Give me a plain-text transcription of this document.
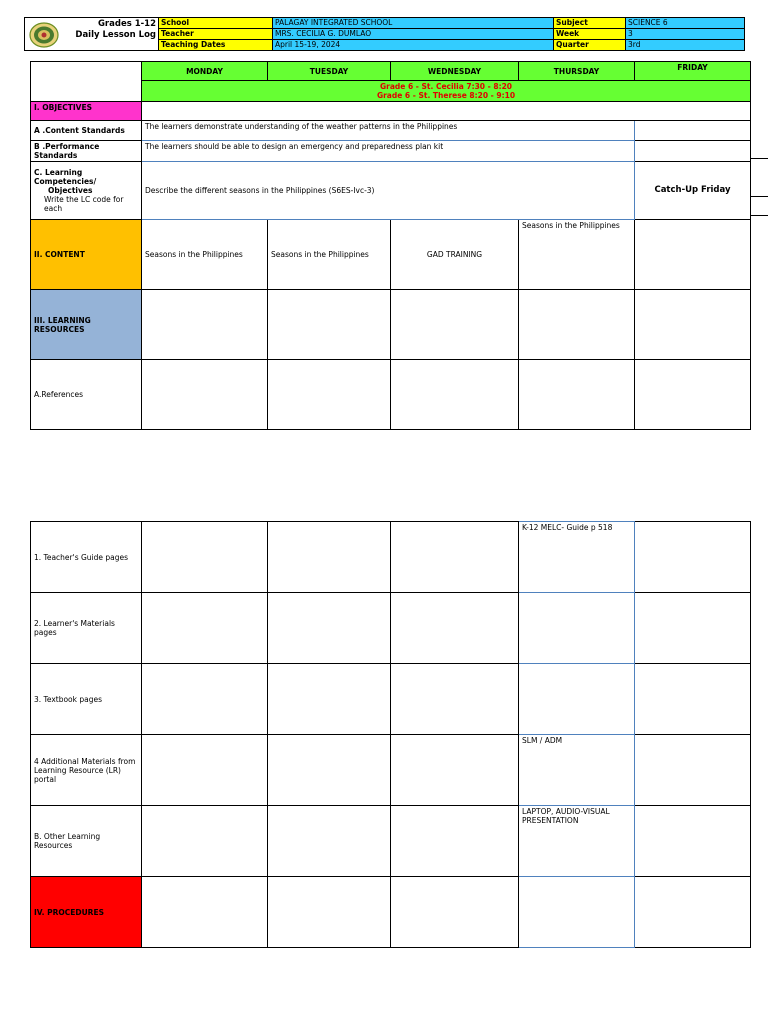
Grades 1-12
Daily Lesson Log
School	PALAGAY INTEGRATED SCHOOL	Subject	SCIENCE 6
Teacher	MRS. CECILIA G. DUMLAO	Week	3
Teaching Dates	April 15-19, 2024	Quarter	3rd
	MONDAY	TUESDAY	WEDNESDAY	THURSDAY	FRIDAY

	Grade 6 - St. Cecilia 7:30 - 8:20
Grade 6 - St. Therese 8:20 - 9:10				

I. OBJECTIVES					
A .Content Standards	The learners demonstrate understanding of the weather patterns in the Philippines				
B .Performance Standards	The learners should be able to design an emergency and preparedness plan kit				

C. Learning Competencies/
Objectives
Write the LC code for each	Describe the different seasons in the Philippines (S6ES-Ivc-3)				Catch-Up Friday
II. CONTENT	Seasons in the Philippines	Seasons in the Philippines	GAD TRAINING	Seasons in the Philippines	
III. LEARNING RESOURCES					
A.References					
1. Teacher's Guide pages				K-12 MELC- Guide p 518	
2. Learner's Materials pages					
3. Textbook pages					
4 Additional Materials from Learning Resource (LR) portal				SLM / ADM	
B. Other Learning Resources				LAPTOP, AUDIO-VISUAL PRESENTATION	
IV. PROCEDURES					
